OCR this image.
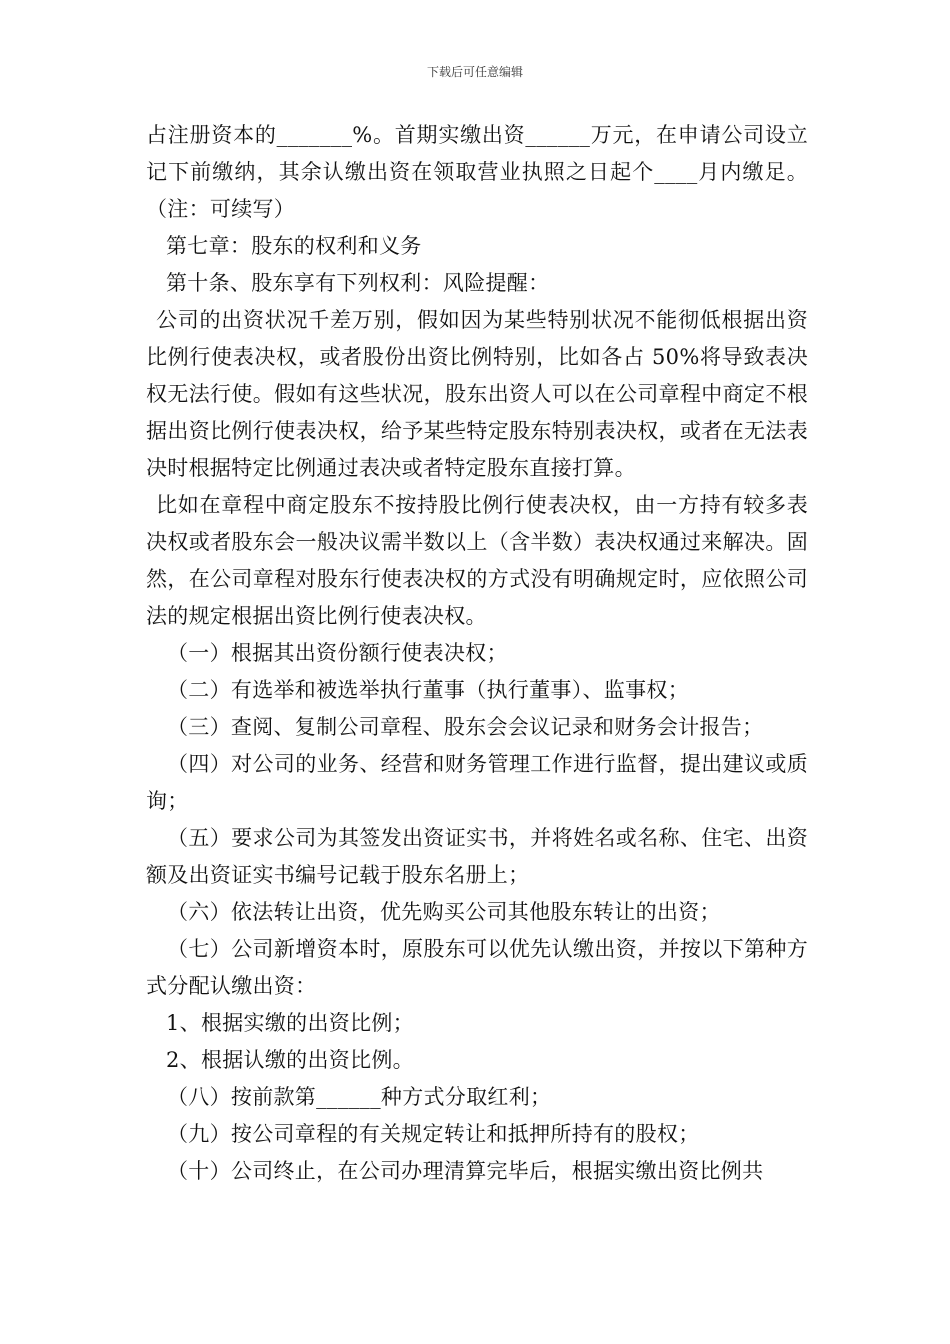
下载后可任意编辑

占注册资本的_______%。首期实缴出资______万元，在申请公司设立记下前缴纳，其余认缴出资在领取营业执照之日起个____月内缴足。（注：可续写）

第七章：股东的权利和义务

第十条、股东享有下列权利：风险提醒：

公司的出资状况千差万别，假如因为某些特别状况不能彻低根据出资比例行使表决权，或者股份出资比例特别，比如各占 50%将导致表决权无法行使。假如有这些状况，股东出资人可以在公司章程中商定不根据出资比例行使表决权，给予某些特定股东特别表决权，或者在无法表决时根据特定比例通过表决或者特定股东直接打算。

比如在章程中商定股东不按持股比例行使表决权，由一方持有较多表决权或者股东会一般决议需半数以上（含半数）表决权通过来解决。固然，在公司章程对股东行使表决权的方式没有明确规定时，应依照公司法的规定根据出资比例行使表决权。

（一）根据其出资份额行使表决权；

（二）有选举和被选举执行董事（执行董事）、监事权；

（三）查阅、复制公司章程、股东会会议记录和财务会计报告；

（四）对公司的业务、经营和财务管理工作进行监督，提出建议或质询；

（五）要求公司为其签发出资证实书，并将姓名或名称、住宅、出资额及出资证实书编号记载于股东名册上；

（六）依法转让出资，优先购买公司其他股东转让的出资；

（七）公司新增资本时，原股东可以优先认缴出资，并按以下第种方式分配认缴出资：

1、根据实缴的出资比例；

2、根据认缴的出资比例。

（八）按前款第______种方式分取红利；

（九）按公司章程的有关规定转让和抵押所持有的股权；

（十）公司终止，在公司办理清算完毕后，根据实缴出资比例共
